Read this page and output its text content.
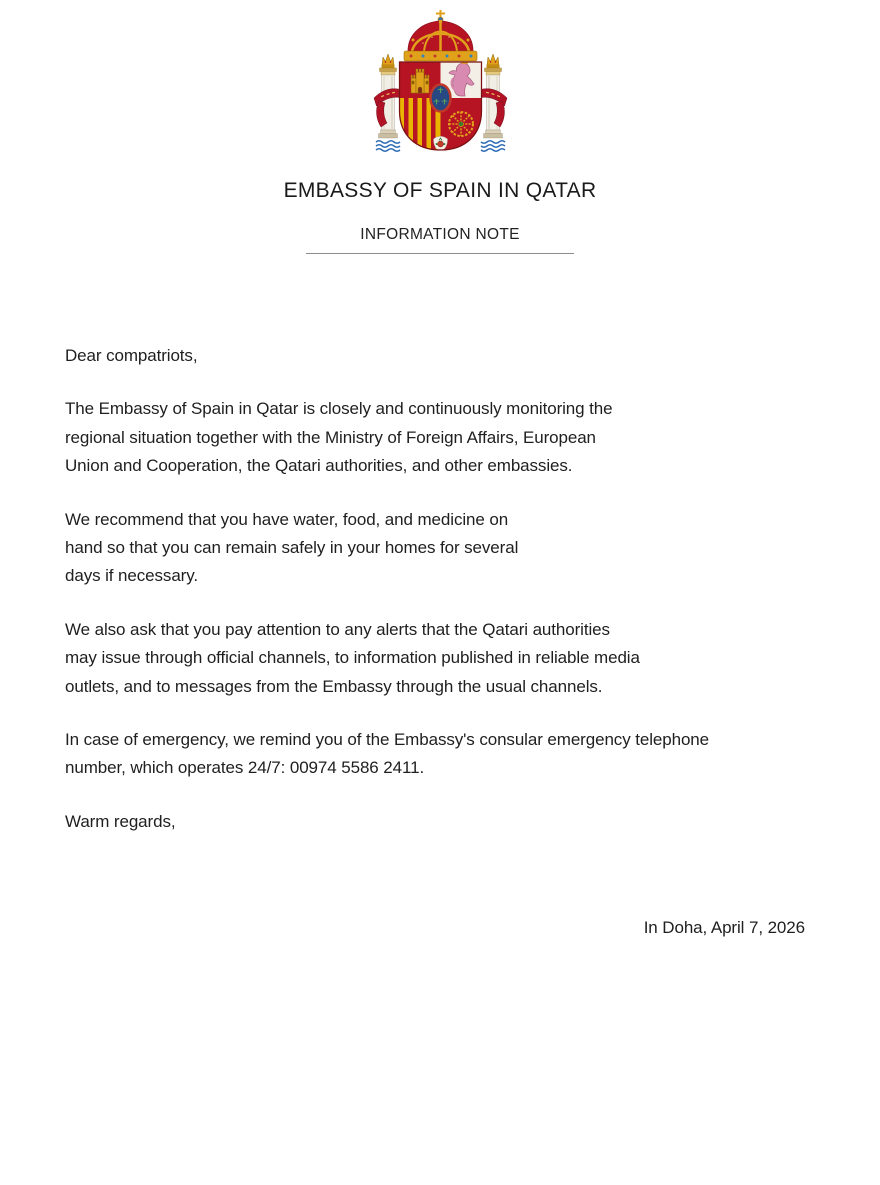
EMBASSY OF SPAIN IN QATAR
INFORMATION NOTE

Dear compatriots,

The Embassy of Spain in Qatar is closely and continuously monitoring the
regional situation together with the Ministry of Foreign Affairs, European
Union and Cooperation, the Qatari authorities, and other embassies.
We recommend that you have water, food, and medicine on
hand so that you can remain safely in your homes for several
days if necessary.
We also ask that you pay attention to any alerts that the Qatari authorities
may issue through official channels, to information published in reliable media
outlets, and to messages from the Embassy through the usual channels.
In case of emergency, we remind you of the Embassy's consular emergency telephone
number, which operates 24/7: 00974 5586 2411.

Warm regards,

In Doha, April 7, 2026
